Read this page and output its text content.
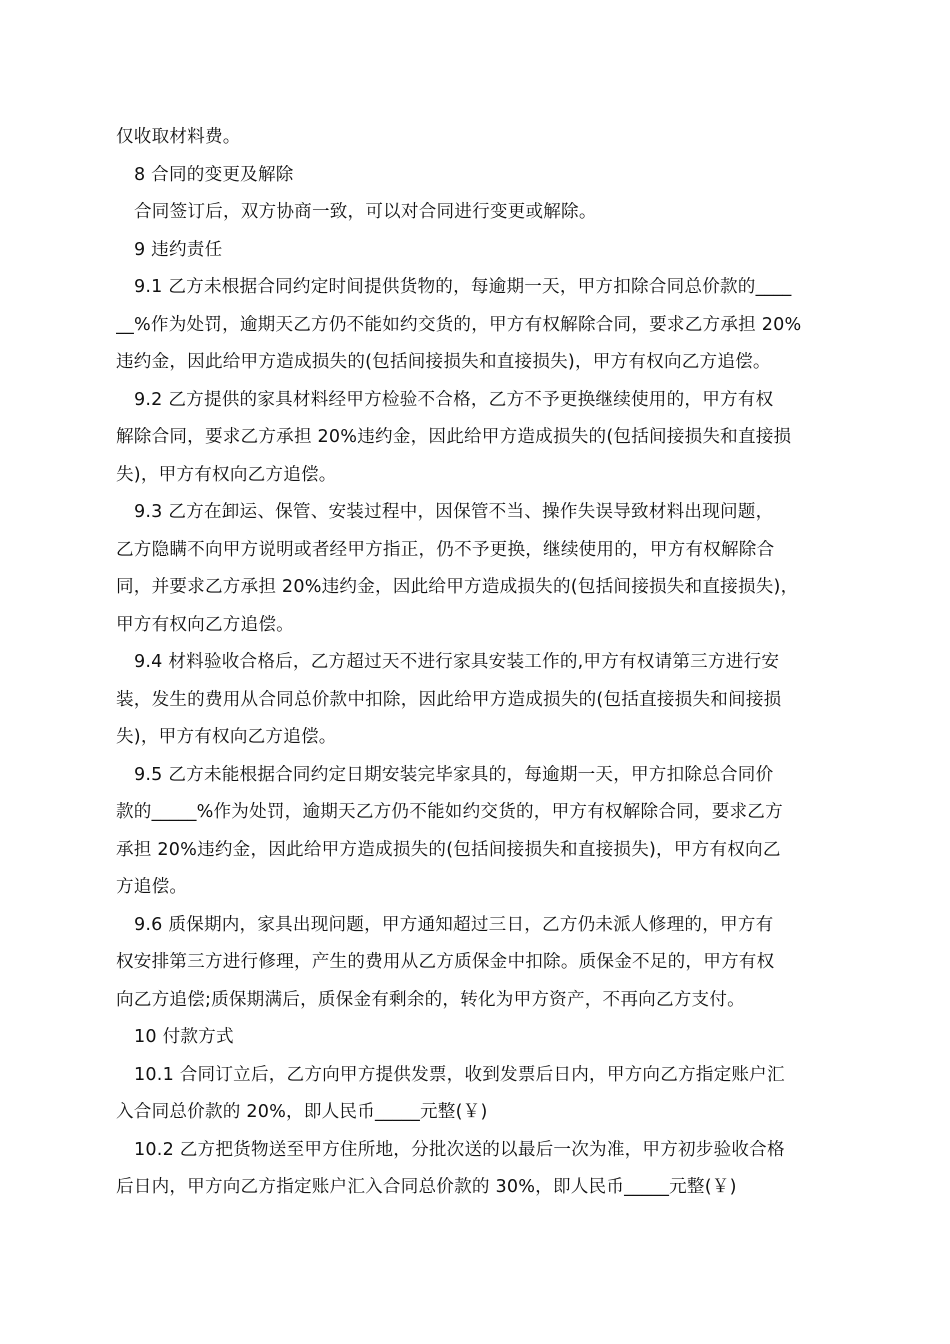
仅收取材料费。

8 合同的变更及解除

合同签订后，双方协商一致，可以对合同进行变更或解除。

9 违约责任

9.1 乙方未根据合同约定时间提供货物的，每逾期一天，甲方扣除合同总价款的____
__%作为处罚，逾期天乙方仍不能如约交货的，甲方有权解除合同，要求乙方承担 20%
违约金，因此给甲方造成损失的(包括间接损失和直接损失)，甲方有权向乙方追偿。

9.2 乙方提供的家具材料经甲方检验不合格，乙方不予更换继续使用的，甲方有权
解除合同，要求乙方承担 20%违约金，因此给甲方造成损失的(包括间接损失和直接损
失)，甲方有权向乙方追偿。

9.3 乙方在卸运、保管、安装过程中，因保管不当、操作失误导致材料出现问题，
乙方隐瞒不向甲方说明或者经甲方指正，仍不予更换，继续使用的，甲方有权解除合
同，并要求乙方承担 20%违约金，因此给甲方造成损失的(包括间接损失和直接损失)，
甲方有权向乙方追偿。

9.4 材料验收合格后，乙方超过天不进行家具安装工作的,甲方有权请第三方进行安
装，发生的费用从合同总价款中扣除，因此给甲方造成损失的(包括直接损失和间接损
失)，甲方有权向乙方追偿。

9.5 乙方未能根据合同约定日期安装完毕家具的，每逾期一天，甲方扣除总合同价
款的_____%作为处罚，逾期天乙方仍不能如约交货的，甲方有权解除合同，要求乙方
承担 20%违约金，因此给甲方造成损失的(包括间接损失和直接损失)，甲方有权向乙
方追偿。

9.6 质保期内，家具出现问题，甲方通知超过三日，乙方仍未派人修理的，甲方有
权安排第三方进行修理，产生的费用从乙方质保金中扣除。质保金不足的，甲方有权
向乙方追偿;质保期满后，质保金有剩余的，转化为甲方资产，不再向乙方支付。

10 付款方式

10.1 合同订立后，乙方向甲方提供发票，收到发票后日内，甲方向乙方指定账户汇
入合同总价款的 20%，即人民币_____元整(￥)

10.2 乙方把货物送至甲方住所地，分批次送的以最后一次为准，甲方初步验收合格
后日内，甲方向乙方指定账户汇入合同总价款的 30%，即人民币_____元整(￥)
